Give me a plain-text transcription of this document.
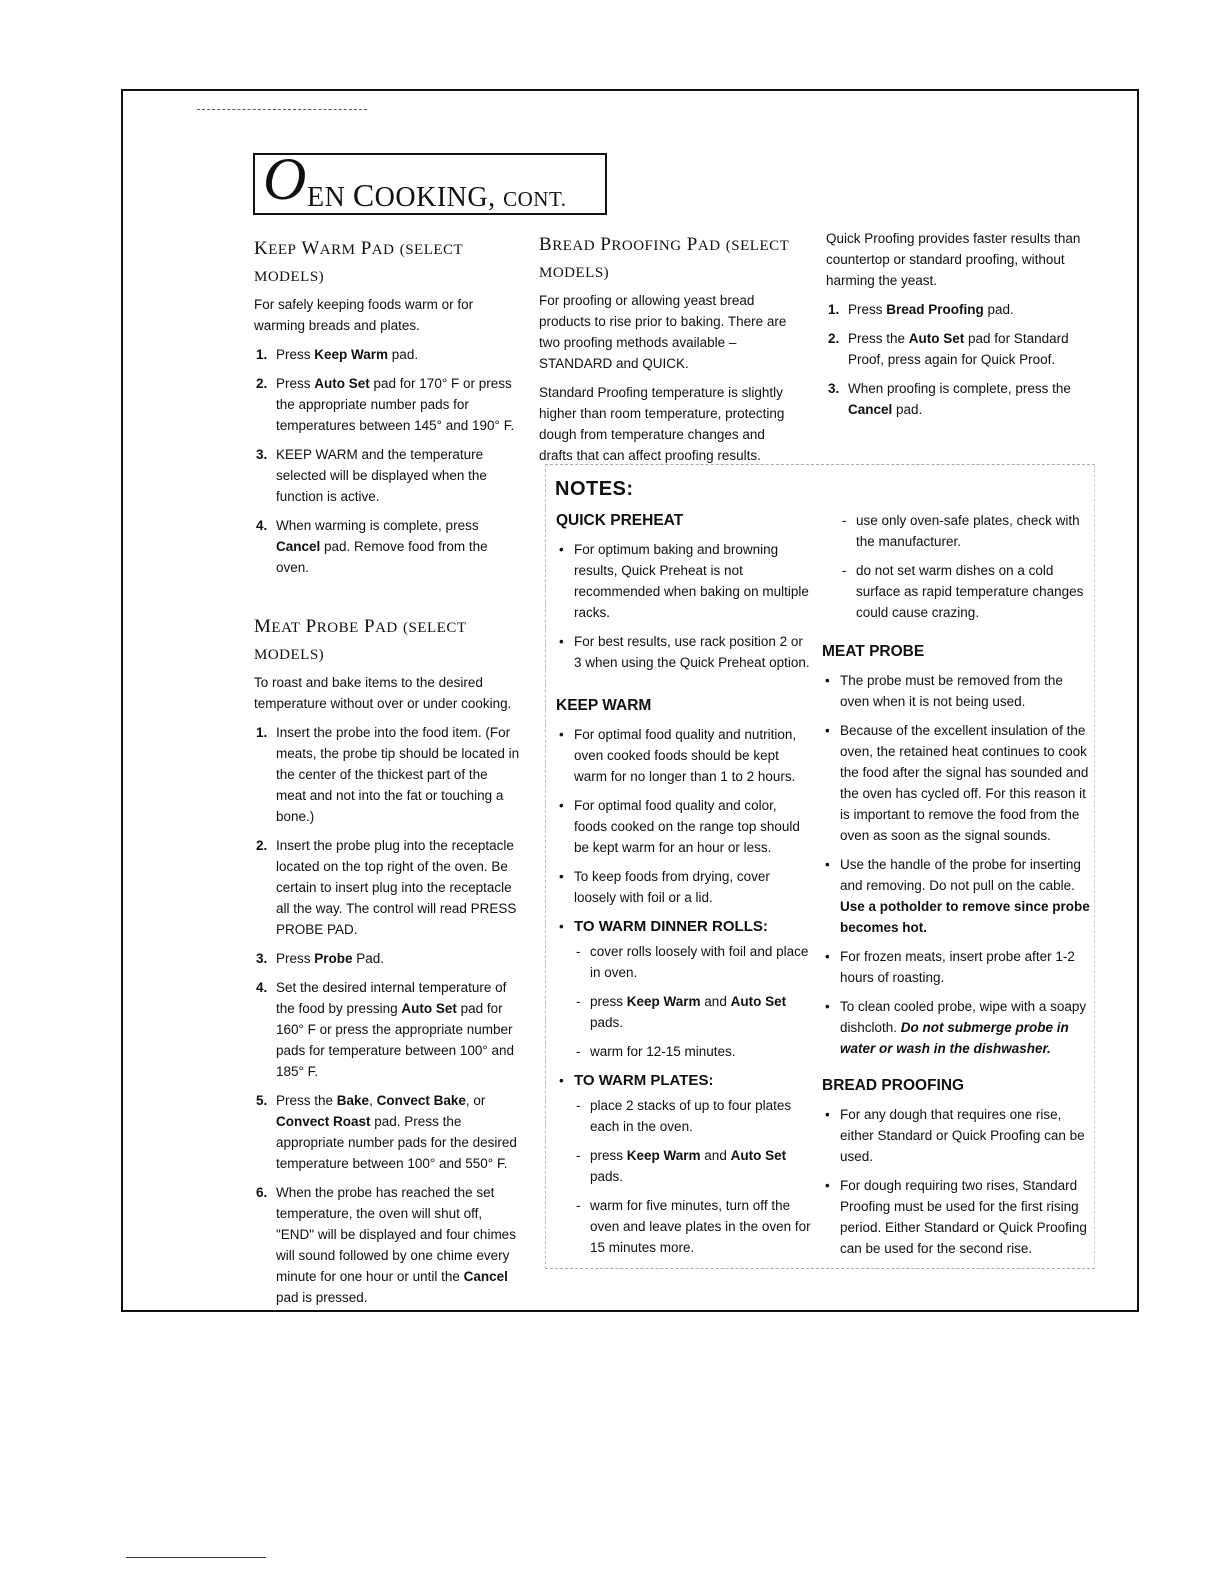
O EN COOKING, CONT.
KEEP WARM PAD (SELECT MODELS)

For safely keeping foods warm or for warming breads and plates.

1. Press Keep Warm pad.
2. Press Auto Set pad for 170° F or press the appropriate number pads for temperatures between 145° and 190° F.
3. KEEP WARM and the temperature selected will be displayed when the function is active.
4. When warming is complete, press Cancel pad. Remove food from the oven.
MEAT PROBE PAD (SELECT MODELS)

To roast and bake items to the desired temperature without over or under cooking.

1. Insert the probe into the food item. (For meats, the probe tip should be located in the center of the thickest part of the meat and not into the fat or touching a bone.)
2. Insert the probe plug into the receptacle located on the top right of the oven. Be certain to insert plug into the receptacle all the way. The control will read PRESS PROBE PAD.
3. Press Probe Pad.
4. Set the desired internal temperature of the food by pressing Auto Set pad for 160° F or press the appropriate number pads for temperature between 100° and 185° F.
5. Press the Bake, Convect Bake, or Convect Roast pad. Press the appropriate number pads for the desired temperature between 100° and 550° F.
6. When the probe has reached the set temperature, the oven will shut off, "END" will be displayed and four chimes will sound followed by one chime every minute for one hour or until the Cancel pad is pressed.
BREAD PROOFING PAD (SELECT MODELS)

For proofing or allowing yeast bread products to rise prior to baking. There are two proofing methods available – STANDARD and QUICK.

Standard Proofing temperature is slightly higher than room temperature, protecting dough from temperature changes and drafts that can affect proofing results.

Quick Proofing provides faster results than countertop or standard proofing, without harming the yeast.

1. Press Bread Proofing pad.
2. Press the Auto Set pad for Standard Proof, press again for Quick Proof.
3. When proofing is complete, press the Cancel pad.
NOTES:
QUICK PREHEAT
• For optimum baking and browning results, Quick Preheat is not recommended when baking on multiple racks.
• For best results, use rack position 2 or 3 when using the Quick Preheat option.
KEEP WARM
• For optimal food quality and nutrition, oven cooked foods should be kept warm for no longer than 1 to 2 hours.
• For optimal food quality and color, foods cooked on the range top should be kept warm for an hour or less.
• To keep foods from drying, cover loosely with foil or a lid.
• TO WARM DINNER ROLLS:
- cover rolls loosely with foil and place in oven.
- press Keep Warm and Auto Set pads.
- warm for 12-15 minutes.
• TO WARM PLATES:
- place 2 stacks of up to four plates each in the oven.
- press Keep Warm and Auto Set pads.
- warm for five minutes, turn off the oven and leave plates in the oven for 15 minutes more.
- use only oven-safe plates, check with the manufacturer.
- do not set warm dishes on a cold surface as rapid temperature changes could cause crazing.
MEAT PROBE
• The probe must be removed from the oven when it is not being used.
• Because of the excellent insulation of the oven, the retained heat continues to cook the food after the signal has sounded and the oven has cycled off. For this reason it is important to remove the food from the oven as soon as the signal sounds.
• Use the handle of the probe for inserting and removing. Do not pull on the cable. Use a potholder to remove since probe becomes hot.
• For frozen meats, insert probe after 1-2 hours of roasting.
• To clean cooled probe, wipe with a soapy dishcloth. Do not submerge probe in water or wash in the dishwasher.
BREAD PROOFING
• For any dough that requires one rise, either Standard or Quick Proofing can be used.
• For dough requiring two rises, Standard Proofing must be used for the first rising period. Either Standard or Quick Proofing can be used for the second rise.
